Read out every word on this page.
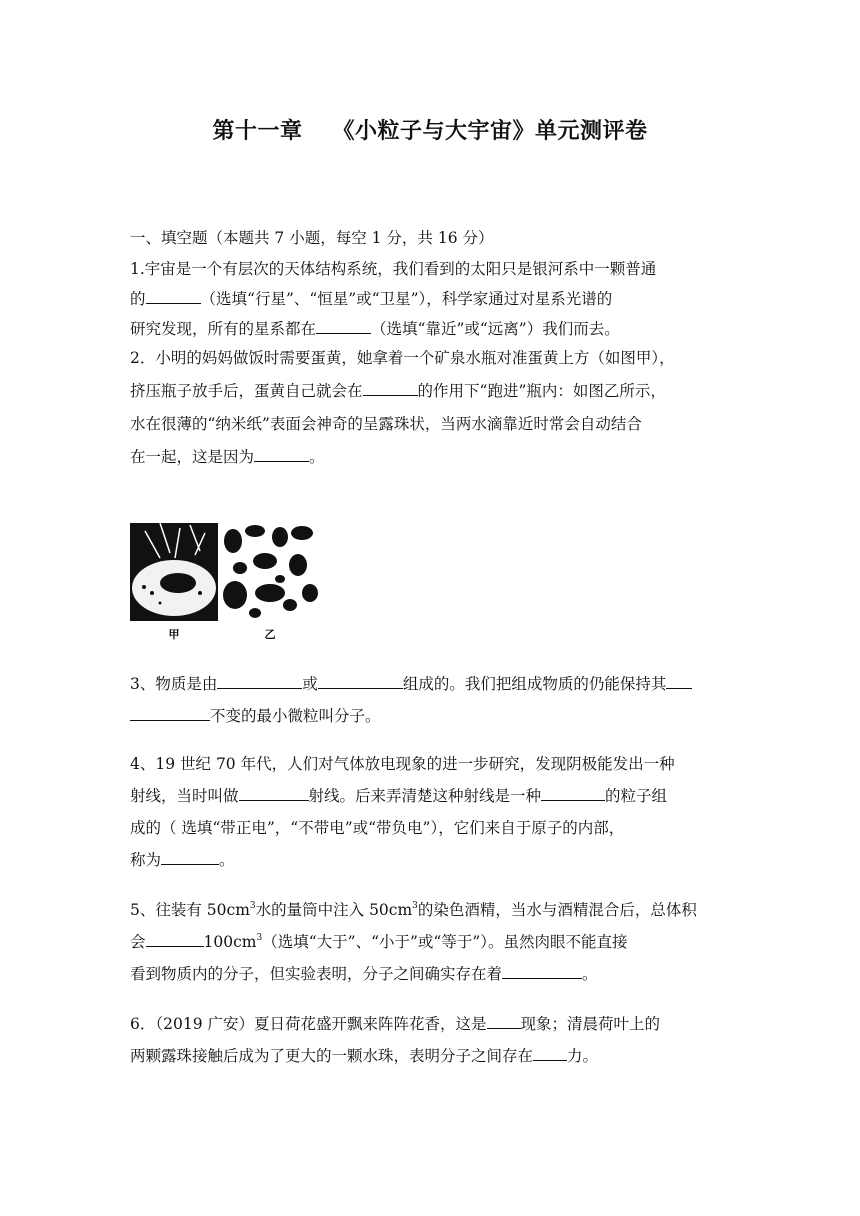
第十一章 《小粒子与大宇宙》单元测评卷
一、填空题（本题共 7 小题，每空 1 分，共 16 分）

1.宇宙是一个有层次的天体结构系统，我们看到的太阳只是银河系中一颗普通

的	（选填“行星”、“恒星”或“卫星”），科学家通过对星系光谱的

研究发现，所有的星系都在	（选填“靠近”或“远离”）我们而去。

2．小明的妈妈做饭时需要蛋黄，她拿着一个矿泉水瓶对准蛋黄上方（如图甲），

挤压瓶子放手后，蛋黄自己就会在	的作用下“跑进”瓶内：如图乙所示，

水在很薄的“纳米纸”表面会神奇的呈露珠状，当两水滴靠近时常会自动结合

在一起，这是因为	。

甲	乙

3、物质是由	或	组成的。我们把组成物质的仍能保持其

不变的最小微粒叫分子。

4、19 世纪 70 年代，人们对气体放电现象的进一步研究，发现阴极能发出一种

射线，当时叫做	射线。后来弄清楚这种射线是一种	的粒子组

成的（ 选填“带正电”，“不带电”或“带负电”），它们来自于原子的内部，

称为	。

5、往装有 $50cm^3$水的量筒中注入 $50cm^3$的染色酒精，当水与酒精混合后，总体积

会	$100cm^3$（选填“大于”、“小于”或“等于”）。虽然肉眼不能直接

看到物质内的分子，但实验表明，分子之间确实存在着	。

6．（2019 广安）夏日荷花盛开飘来阵阵花香，这是 现象；清晨荷叶上的

两颗露珠接触后成为了更大的一颗水珠，表明分子之间存在 力。
